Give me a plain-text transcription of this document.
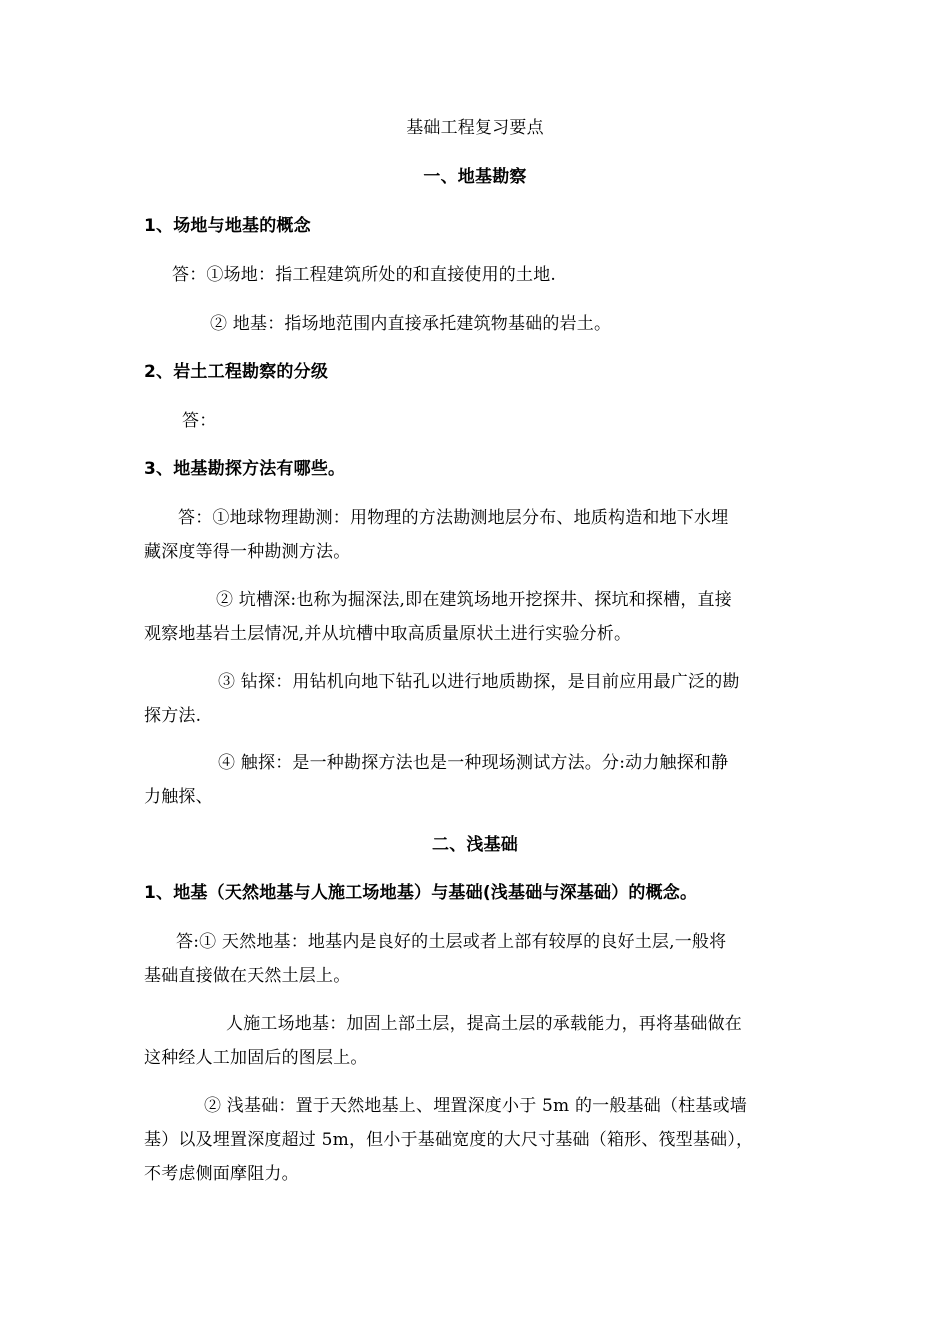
基础工程复习要点
一、地基勘察
1、场地与地基的概念
答：①场地：指工程建筑所处的和直接使用的土地.
② 地基：指场地范围内直接承托建筑物基础的岩土。
2、岩土工程勘察的分级
答：
3、地基勘探方法有哪些。
答：①地球物理勘测：用物理的方法勘测地层分布、地质构造和地下水埋
藏深度等得一种勘测方法。
② 坑槽深:也称为掘深法,即在建筑场地开挖探井、探坑和探槽，直接
观察地基岩土层情况,并从坑槽中取高质量原状土进行实验分析。
③ 钻探：用钻机向地下钻孔以进行地质勘探，是目前应用最广泛的勘
探方法.
④ 触探：是一种勘探方法也是一种现场测试方法。分:动力触探和静
力触探、
二、浅基础
1、地基（天然地基与人施工场地基）与基础(浅基础与深基础）的概念。
答:① 天然地基：地基内是良好的土层或者上部有较厚的良好土层,一般将
基础直接做在天然土层上。
人施工场地基：加固上部土层，提高土层的承载能力，再将基础做在
这种经人工加固后的图层上。
② 浅基础：置于天然地基上、埋置深度小于 5m 的一般基础（柱基或墙
基）以及埋置深度超过 5m，但小于基础宽度的大尺寸基础（箱形、筏型基础），
不考虑侧面摩阻力。
